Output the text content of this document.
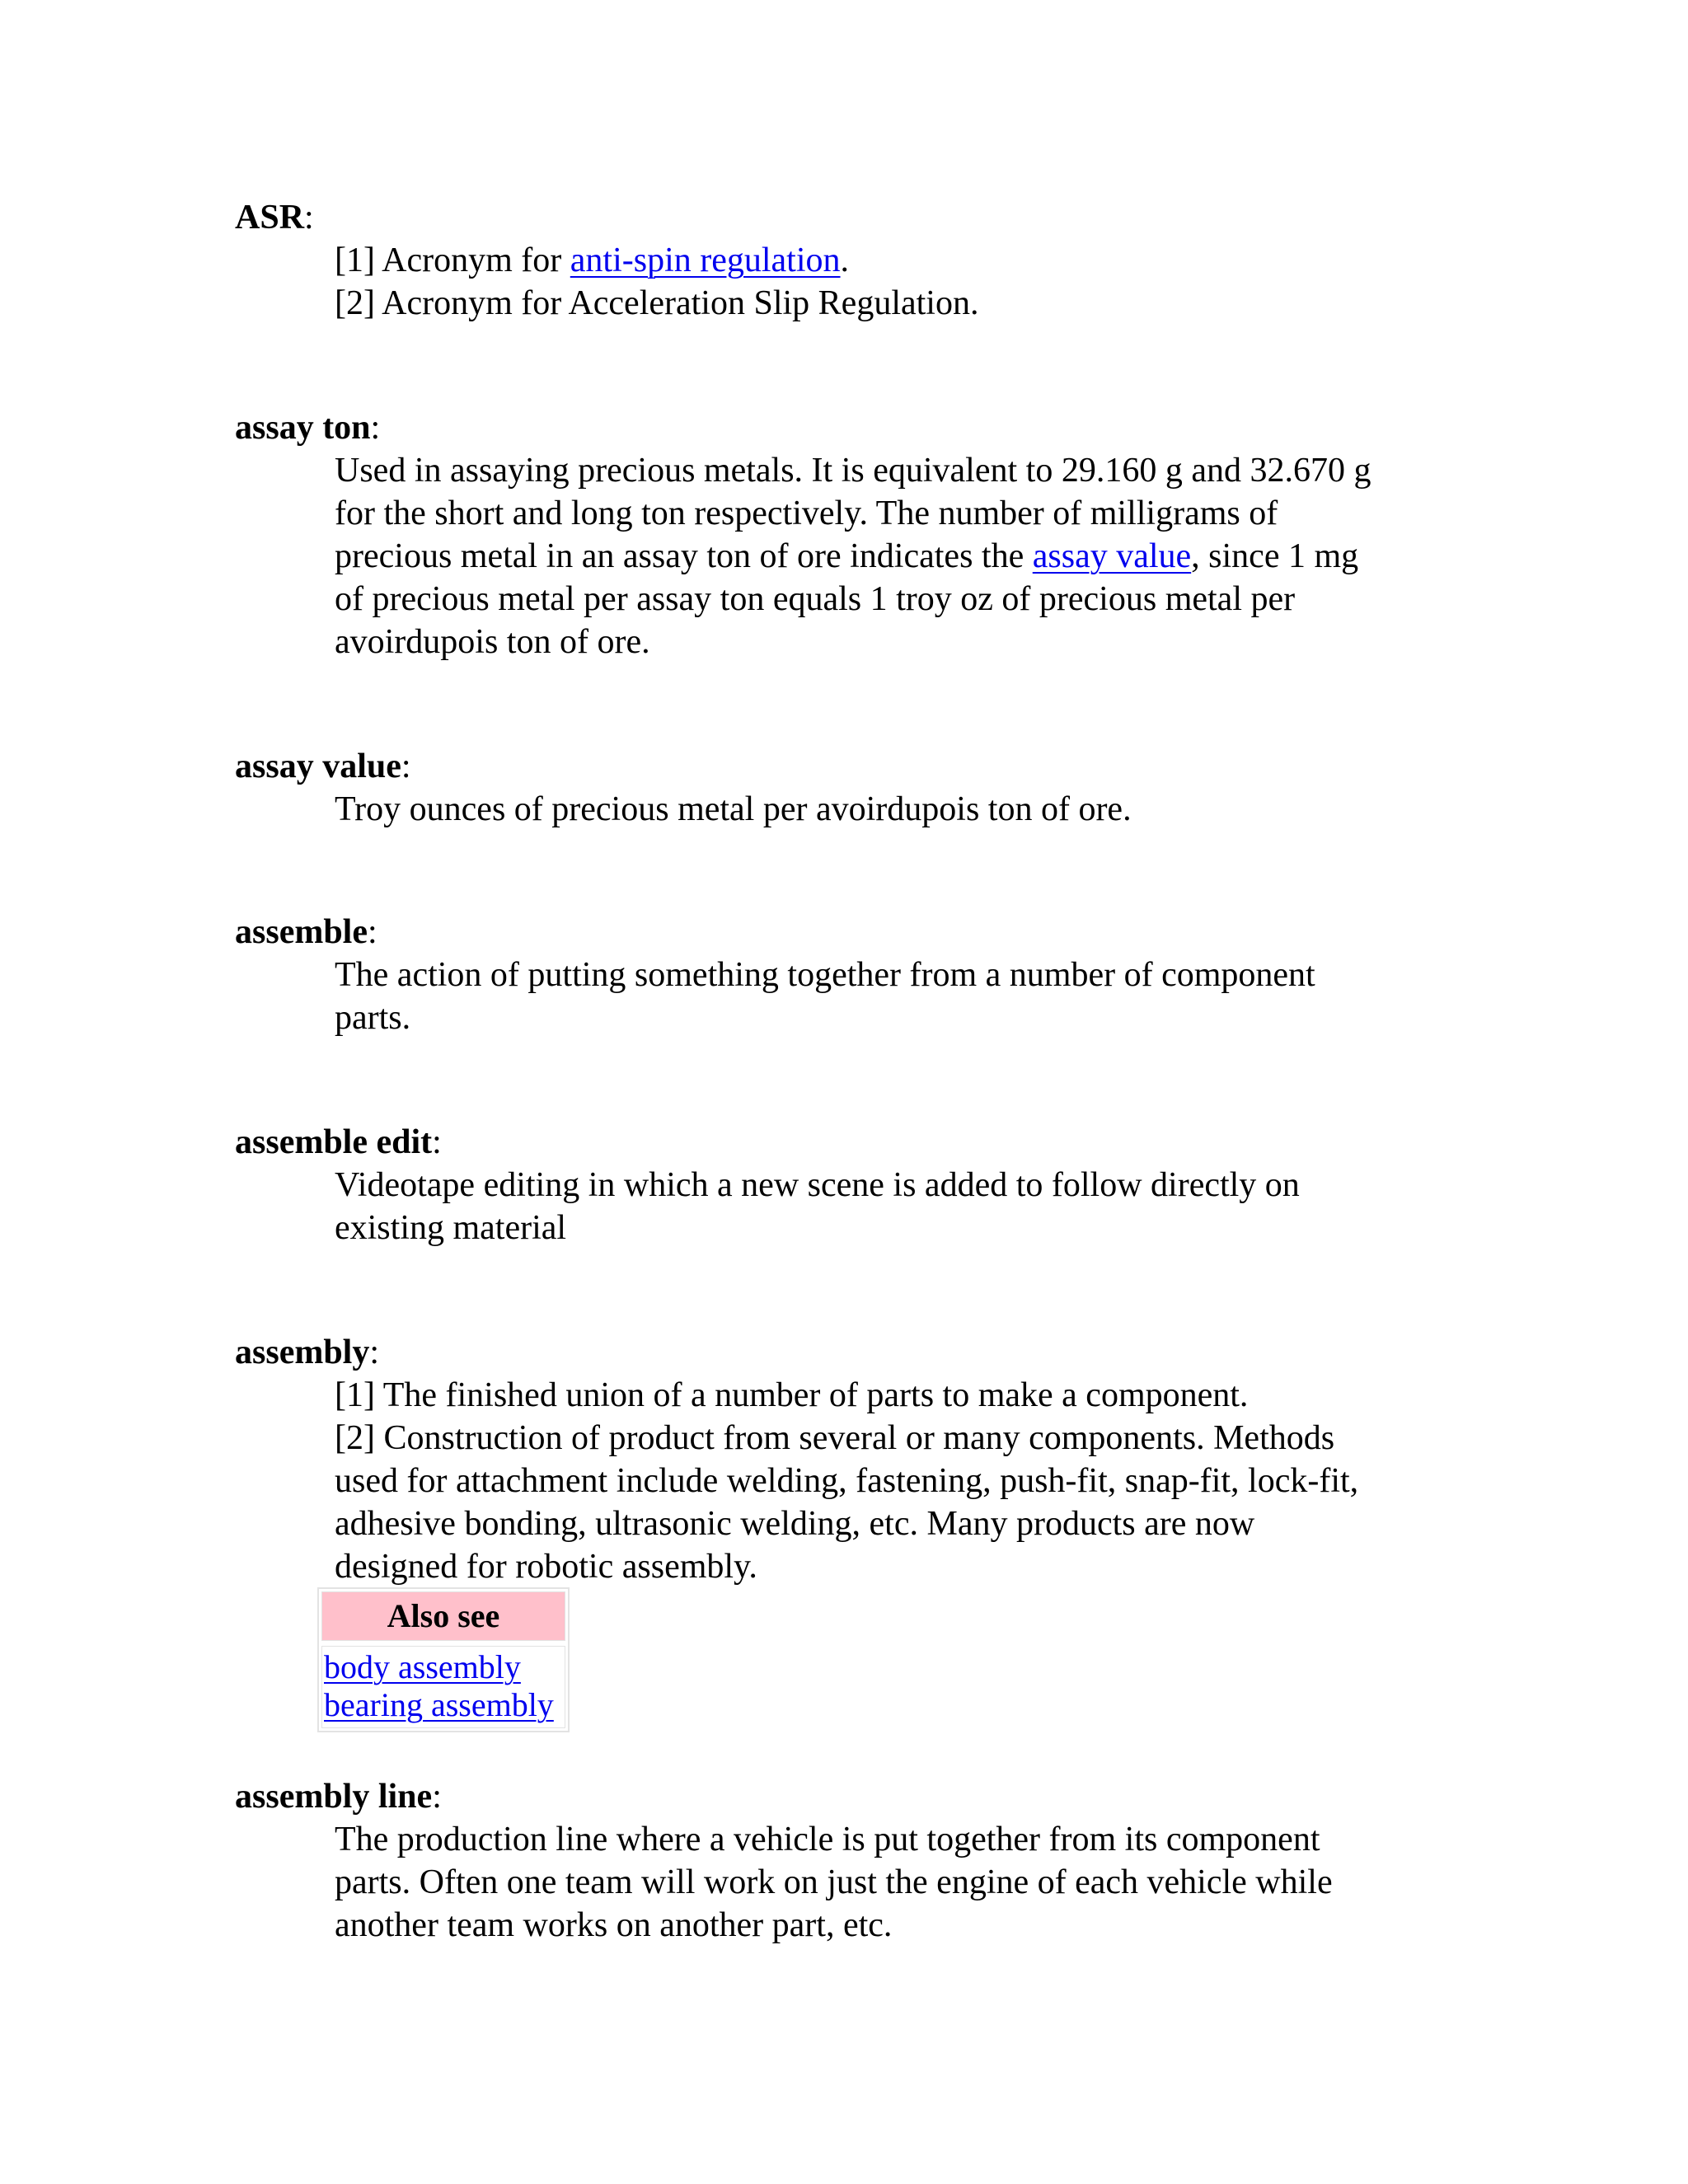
ASR:
[1] Acronym for anti-spin regulation.
[2] Acronym for Acceleration Slip Regulation.
assay ton:
Used in assaying precious metals. It is equivalent to 29.160 g and 32.670 g
for the short and long ton respectively. The number of milligrams of
precious metal in an assay ton of ore indicates the assay value, since 1 mg
of precious metal per assay ton equals 1 troy oz of precious metal per
avoirdupois ton of ore.
assay value:
Troy ounces of precious metal per avoirdupois ton of ore.
assemble:
The action of putting something together from a number of component
parts.
assemble edit:
Videotape editing in which a new scene is added to follow directly on
existing material
assembly:
[1] The finished union of a number of parts to make a component.
[2] Construction of product from several or many components. Methods
used for attachment include welding, fastening, push-fit, snap-fit, lock-fit,
adhesive bonding, ultrasonic welding, etc. Many products are now
designed for robotic assembly.
assembly line:
The production line where a vehicle is put together from its component
parts. Often one team will work on just the engine of each vehicle while
another team works on another part, etc.
Also see
body assembly
bearing assembly
